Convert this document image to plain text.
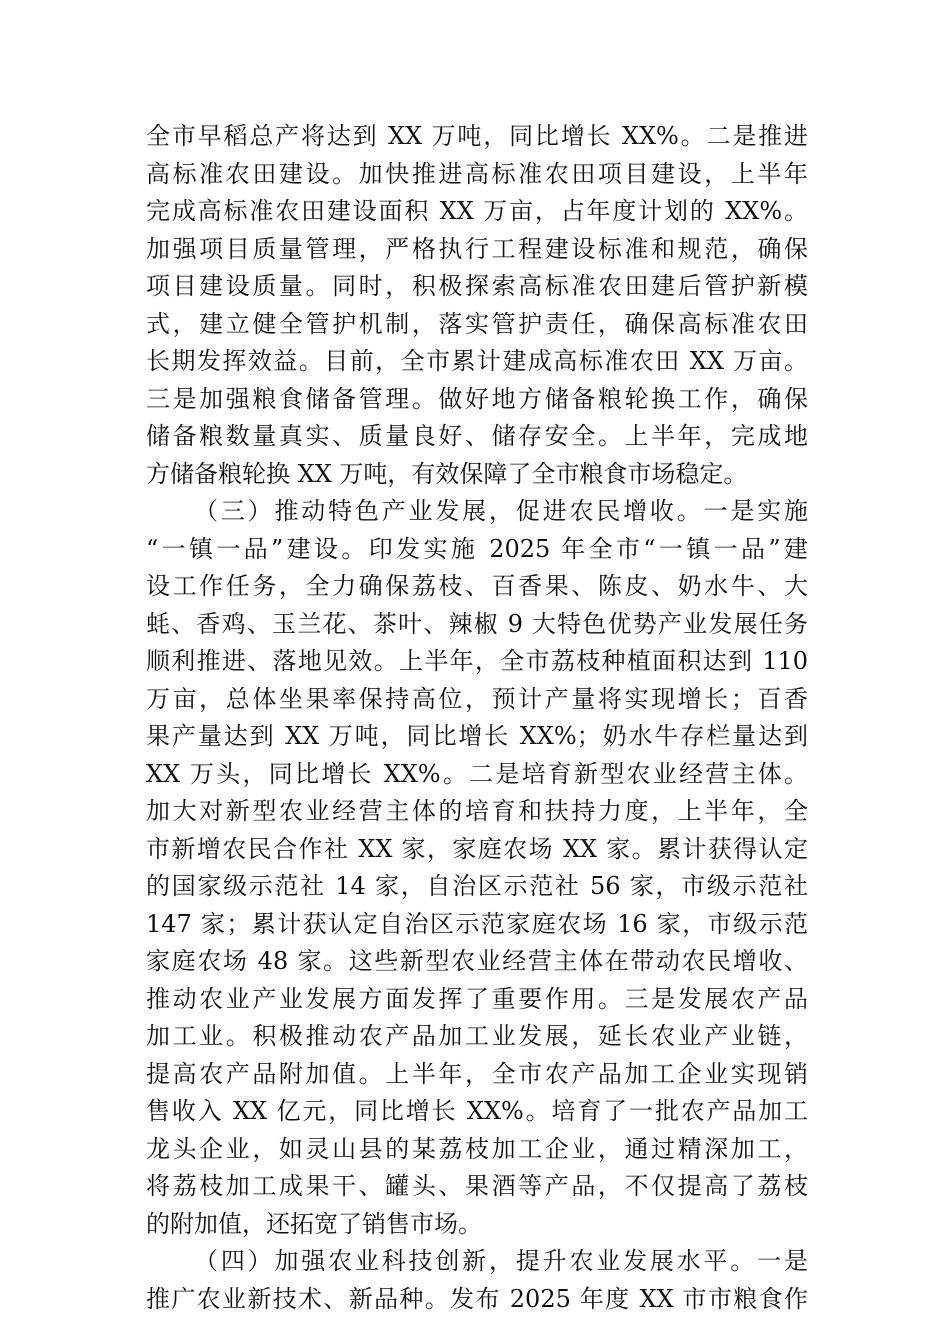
全市早稻总产将达到 XX 万吨，同比增长 XX%。二是推进
高标准农田建设。加快推进高标准农田项目建设，上半年
完成高标准农田建设面积 XX 万亩，占年度计划的 XX%。
加强项目质量管理，严格执行工程建设标准和规范，确保
项目建设质量。同时，积极探索高标准农田建后管护新模
式，建立健全管护机制，落实管护责任，确保高标准农田
长期发挥效益。目前，全市累计建成高标准农田 XX 万亩。
三是加强粮食储备管理。做好地方储备粮轮换工作，确保
储备粮数量真实、质量良好、储存安全。上半年，完成地
方储备粮轮换 XX 万吨，有效保障了全市粮食市场稳定。
（三）推动特色产业发展，促进农民增收。一是实施
“一镇一品”建设。印发实施 2025 年全市“一镇一品”建
设工作任务，全力确保荔枝、百香果、陈皮、奶水牛、大
蚝、香鸡、玉兰花、茶叶、辣椒 9 大特色优势产业发展任务
顺利推进、落地见效。上半年，全市荔枝种植面积达到 110
万亩，总体坐果率保持高位，预计产量将实现增长；百香
果产量达到 XX 万吨，同比增长 XX%；奶水牛存栏量达到
XX 万头，同比增长 XX%。二是培育新型农业经营主体。
加大对新型农业经营主体的培育和扶持力度，上半年，全
市新增农民合作社 XX 家，家庭农场 XX 家。累计获得认定
的国家级示范社 14 家，自治区示范社 56 家，市级示范社
147 家；累计获认定自治区示范家庭农场 16 家，市级示范
家庭农场 48 家。这些新型农业经营主体在带动农民增收、
推动农业产业发展方面发挥了重要作用。三是发展农产品
加工业。积极推动农产品加工业发展，延长农业产业链，
提高农产品附加值。上半年，全市农产品加工企业实现销
售收入 XX 亿元，同比增长 XX%。培育了一批农产品加工
龙头企业，如灵山县的某荔枝加工企业，通过精深加工，
将荔枝加工成果干、罐头、果酒等产品，不仅提高了荔枝
的附加值，还拓宽了销售市场。
（四）加强农业科技创新，提升农业发展水平。一是
推广农业新技术、新品种。发布 2025 年度 XX 市市粮食作
